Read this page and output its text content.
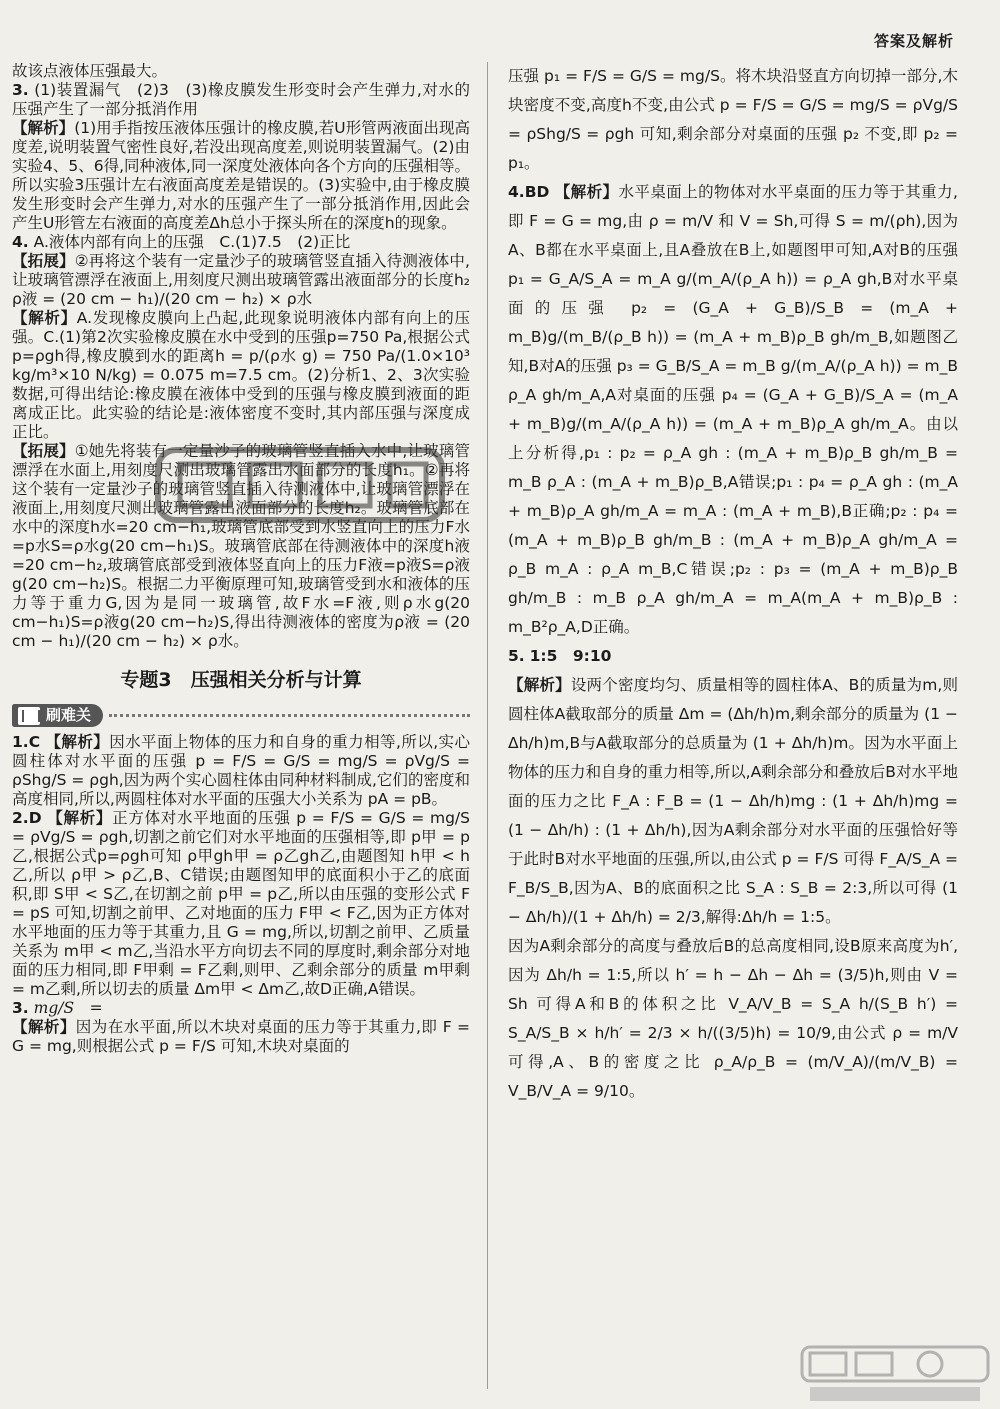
答案及解析

故该点液体压强最大。

3. (1)装置漏气　(2)3　(3)橡皮膜发生形变时会产生弹力,对水的压强产生了一部分抵消作用

【解析】(1)用手指按压液体压强计的橡皮膜,若U形管两液面出现高度差,说明装置气密性良好,若没出现高度差,则说明装置漏气。(2)由实验4、5、6得,同种液体,同一深度处液体向各个方向的压强相等。所以实验3压强计左右液面高度差是错误的。(3)实验中,由于橡皮膜发生形变时会产生弹力,对水的压强产生了一部分抵消作用,因此会产生U形管左右液面的高度差Δh总小于探头所在的深度h的现象。

4. A.液体内部有向上的压强　C.(1)7.5　(2)正比

【拓展】②再将这个装有一定量沙子的玻璃管竖直插入待测液体中,让玻璃管漂浮在液面上,用刻度尺测出玻璃管露出液面部分的长度h₂　ρ液 = (20 cm − h₁)/(20 cm − h₂) × ρ水

【解析】A.发现橡皮膜向上凸起,此现象说明液体内部有向上的压强。C.(1)第2次实验橡皮膜在水中受到的压强p=750 Pa,根据公式p=ρgh得,橡皮膜到水的距离h = p/(ρ水 g) = 750 Pa/(1.0×10³ kg/m³×10 N/kg) = 0.075 m=7.5 cm。(2)分析1、2、3次实验数据,可得出结论:橡皮膜在液体中受到的压强与橡皮膜到液面的距离成正比。此实验的结论是:液体密度不变时,其内部压强与深度成正比。

【拓展】①她先将装有一定量沙子的玻璃管竖直插入水中,让玻璃管漂浮在水面上,用刻度尺测出玻璃管露出水面部分的长度h₁。②再将这个装有一定量沙子的玻璃管竖直插入待测液体中,让玻璃管漂浮在液面上,用刻度尺测出玻璃管露出液面部分的长度h₂。玻璃管底部在水中的深度h水=20 cm−h₁,玻璃管底部受到水竖直向上的压力F水=p水S=ρ水g(20 cm−h₁)S。玻璃管底部在待测液体中的深度h液=20 cm−h₂,玻璃管底部受到液体竖直向上的压力F液=p液S=ρ液g(20 cm−h₂)S。根据二力平衡原理可知,玻璃管受到水和液体的压力等于重力G,因为是同一玻璃管,故F水=F液,则ρ水g(20 cm−h₁)S=ρ液g(20 cm−h₂)S,得出待测液体的密度为ρ液 = (20 cm − h₁)/(20 cm − h₂) × ρ水。

专题3　压强相关分析与计算
刷难关

1.C 【解析】因水平面上物体的压力和自身的重力相等,所以,实心圆柱体对水平面的压强 p = F/S = G/S = mg/S = ρVg/S = ρShg/S = ρgh,因为两个实心圆柱体由同种材料制成,它们的密度和高度相同,所以,两圆柱体对水平面的压强大小关系为 pA = pB。

2.D 【解析】正方体对水平地面的压强 p = F/S = G/S = mg/S = ρVg/S = ρgh,切割之前它们对水平地面的压强相等,即 p甲 = p乙,根据公式p=ρgh可知 ρ甲gh甲 = ρ乙gh乙,由题图知 h甲 < h乙,所以 ρ甲 > ρ乙,B、C错误;由题图知甲的底面积小于乙的底面积,即 S甲 < S乙,在切割之前 p甲 = p乙,所以由压强的变形公式 F = pS 可知,切割之前甲、乙对地面的压力 F甲 < F乙,因为正方体对水平地面的压力等于其重力,且 G = mg,所以,切割之前甲、乙质量关系为 m甲 < m乙,当沿水平方向切去不同的厚度时,剩余部分对地面的压力相同,即 F甲剩 = F乙剩,则甲、乙剩余部分的质量 m甲剩 = m乙剩,所以切去的质量 Δm甲 < Δm乙,故D正确,A错误。

3. mg/S　=

【解析】因为在水平面,所以木块对桌面的压力等于其重力,即 F = G = mg,则根据公式 p = F/S 可知,木块对桌面的

压强 p₁ = F/S = G/S = mg/S。将木块沿竖直方向切掉一部分,木块密度不变,高度h不变,由公式 p = F/S = G/S = mg/S = ρVg/S = ρShg/S = ρgh 可知,剩余部分对桌面的压强 p₂ 不变,即 p₂ = p₁。

4.BD 【解析】水平桌面上的物体对水平桌面的压力等于其重力,即 F = G = mg,由 ρ = m/V 和 V = Sh,可得 S = m/(ρh),因为A、B都在水平桌面上,且A叠放在B上,如题图甲可知,A对B的压强 p₁ = G_A/S_A = m_A g/(m_A/(ρ_A h)) = ρ_A gh,B对水平桌面的压强 p₂ = (G_A + G_B)/S_B = (m_A + m_B)g/(m_B/(ρ_B h)) = (m_A + m_B)ρ_B gh/m_B,如题图乙知,B对A的压强 p₃ = G_B/S_A = m_B g/(m_A/(ρ_A h)) = m_B ρ_A gh/m_A,A对桌面的压强 p₄ = (G_A + G_B)/S_A = (m_A + m_B)g/(m_A/(ρ_A h)) = (m_A + m_B)ρ_A gh/m_A。由以上分析得,p₁ : p₂ = ρ_A gh : (m_A + m_B)ρ_B gh/m_B = m_B ρ_A : (m_A + m_B)ρ_B,A错误;p₁ : p₄ = ρ_A gh : (m_A + m_B)ρ_A gh/m_A = m_A : (m_A + m_B),B正确;p₂ : p₄ = (m_A + m_B)ρ_B gh/m_B : (m_A + m_B)ρ_A gh/m_A = ρ_B m_A : ρ_A m_B,C错误;p₂ : p₃ = (m_A + m_B)ρ_B gh/m_B : m_B ρ_A gh/m_A = m_A(m_A + m_B)ρ_B : m_B²ρ_A,D正确。

5. 1:5　9:10

【解析】设两个密度均匀、质量相等的圆柱体A、B的质量为m,则圆柱体A截取部分的质量 Δm = (Δh/h)m,剩余部分的质量为 (1 − Δh/h)m,B与A截取部分的总质量为 (1 + Δh/h)m。因为水平面上物体的压力和自身的重力相等,所以,A剩余部分和叠放后B对水平地面的压力之比 F_A : F_B = (1 − Δh/h)mg : (1 + Δh/h)mg = (1 − Δh/h) : (1 + Δh/h),因为A剩余部分对水平面的压强恰好等于此时B对水平地面的压强,所以,由公式 p = F/S 可得 F_A/S_A = F_B/S_B,因为A、B的底面积之比 S_A : S_B = 2:3,所以可得 (1 − Δh/h)/(1 + Δh/h) = 2/3,解得:Δh/h = 1:5。

因为A剩余部分的高度与叠放后B的总高度相同,设B原来高度为h′,因为 Δh/h = 1:5,所以 h′ = h − Δh − Δh = (3/5)h,则由 V = Sh 可得A和B的体积之比 V_A/V_B = S_A h/(S_B h′) = S_A/S_B × h/h′ = 2/3 × h/((3/5)h) = 10/9,由公式 ρ = m/V 可得,A、B的密度之比 ρ_A/ρ_B = (m/V_A)/(m/V_B) = V_B/V_A = 9/10。
